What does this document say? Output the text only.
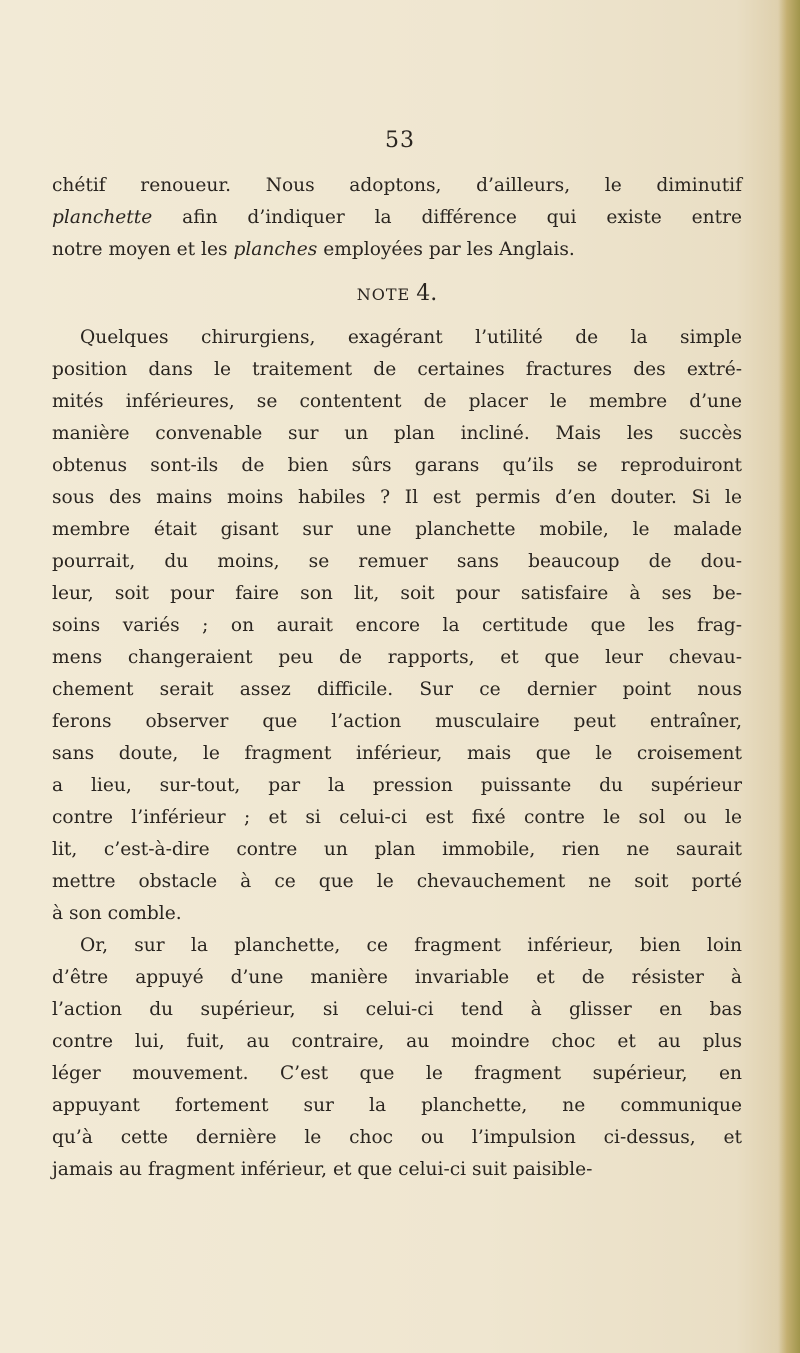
53
chétif renoueur. Nous adoptons, d’ailleurs, le diminutif
planchette afin d’indiquer la différence qui existe entre
notre moyen et les planches employées par les Anglais.
NOTE 4.
Quelques chirurgiens, exagérant l’utilité de la simple
position dans le traitement de certaines fractures des extré-
mités inférieures, se contentent de placer le membre d’une
manière convenable sur un plan incliné. Mais les succès
obtenus sont-ils de bien sûrs garans qu’ils se reproduiront
sous des mains moins habiles ? Il est permis d’en douter. Si le
membre était gisant sur une planchette mobile, le malade
pourrait, du moins, se remuer sans beaucoup de dou-
leur, soit pour faire son lit, soit pour satisfaire à ses be-
soins variés ; on aurait encore la certitude que les frag-
mens changeraient peu de rapports, et que leur chevau-
chement serait assez difficile. Sur ce dernier point nous
ferons observer que l’action musculaire peut entraîner,
sans doute, le fragment inférieur, mais que le croisement
a lieu, sur-tout, par la pression puissante du supérieur
contre l’inférieur ; et si celui-ci est fixé contre le sol ou le
lit, c’est-à-dire contre un plan immobile, rien ne saurait
mettre obstacle à ce que le chevauchement ne soit porté
à son comble.
Or, sur la planchette, ce fragment inférieur, bien loin
d’être appuyé d’une manière invariable et de résister à
l’action du supérieur, si celui-ci tend à glisser en bas
contre lui, fuit, au contraire, au moindre choc et au plus
léger mouvement. C’est que le fragment supérieur, en
appuyant fortement sur la planchette, ne communique
qu’à cette dernière le choc ou l’impulsion ci-dessus, et
jamais au fragment inférieur, et que celui-ci suit paisible-
